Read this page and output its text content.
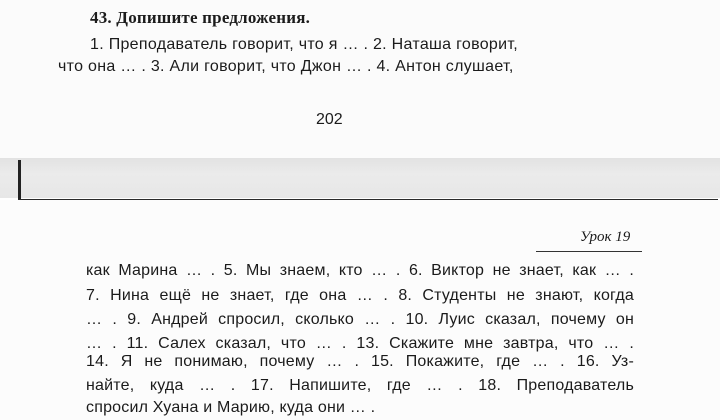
43. Допишите предложения.
1. Преподаватель говорит, что я … . 2. Наташа говорит,
что она … . 3. Али говорит, что Джон … . 4. Антон слушает,
202
Урок 19
как Марина … . 5. Мы знаем, кто … . 6. Виктор не знает, как … .
7. Нина ещё не знает, где она … . 8. Студенты не знают, когда
… . 9. Андрей спросил, сколько … . 10. Луис сказал, почему он
… . 11. Салех сказал, что … . 13. Скажите мне завтра, что … .
14. Я не понимаю, почему … . 15. Покажите, где … . 16. Уз-
найте, куда … . 17. Напишите, где … . 18. Преподаватель
спросил Хуана и Марию, куда они … .
